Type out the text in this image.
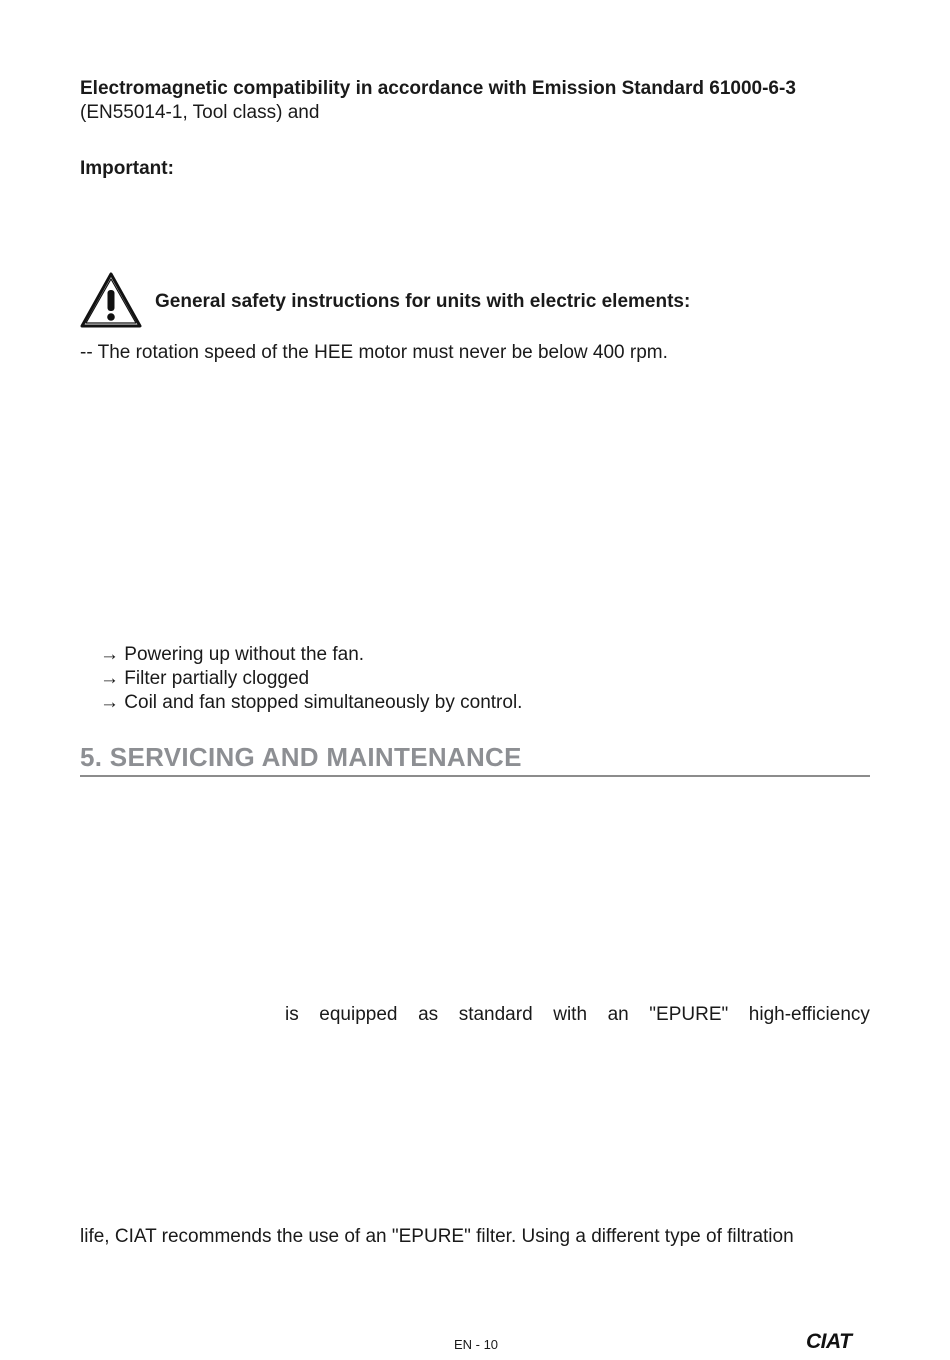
Electromagnetic compatibility in accordance with Emission Standard 61000-6-3
(EN55014-1, Tool class) and
Important:
General safety instructions for units with electric elements:
-- The rotation speed of the HEE motor must never be below 400 rpm.
→ Powering up without the fan.
→ Filter partially clogged
→ Coil and fan stopped simultaneously by control.
5. SERVICING AND MAINTENANCE
is equipped as standard with an "EPURE" high-efficiency
life, CIAT recommends the use of an "EPURE" filter. Using a different type of filtration
EN - 10	CIAT
